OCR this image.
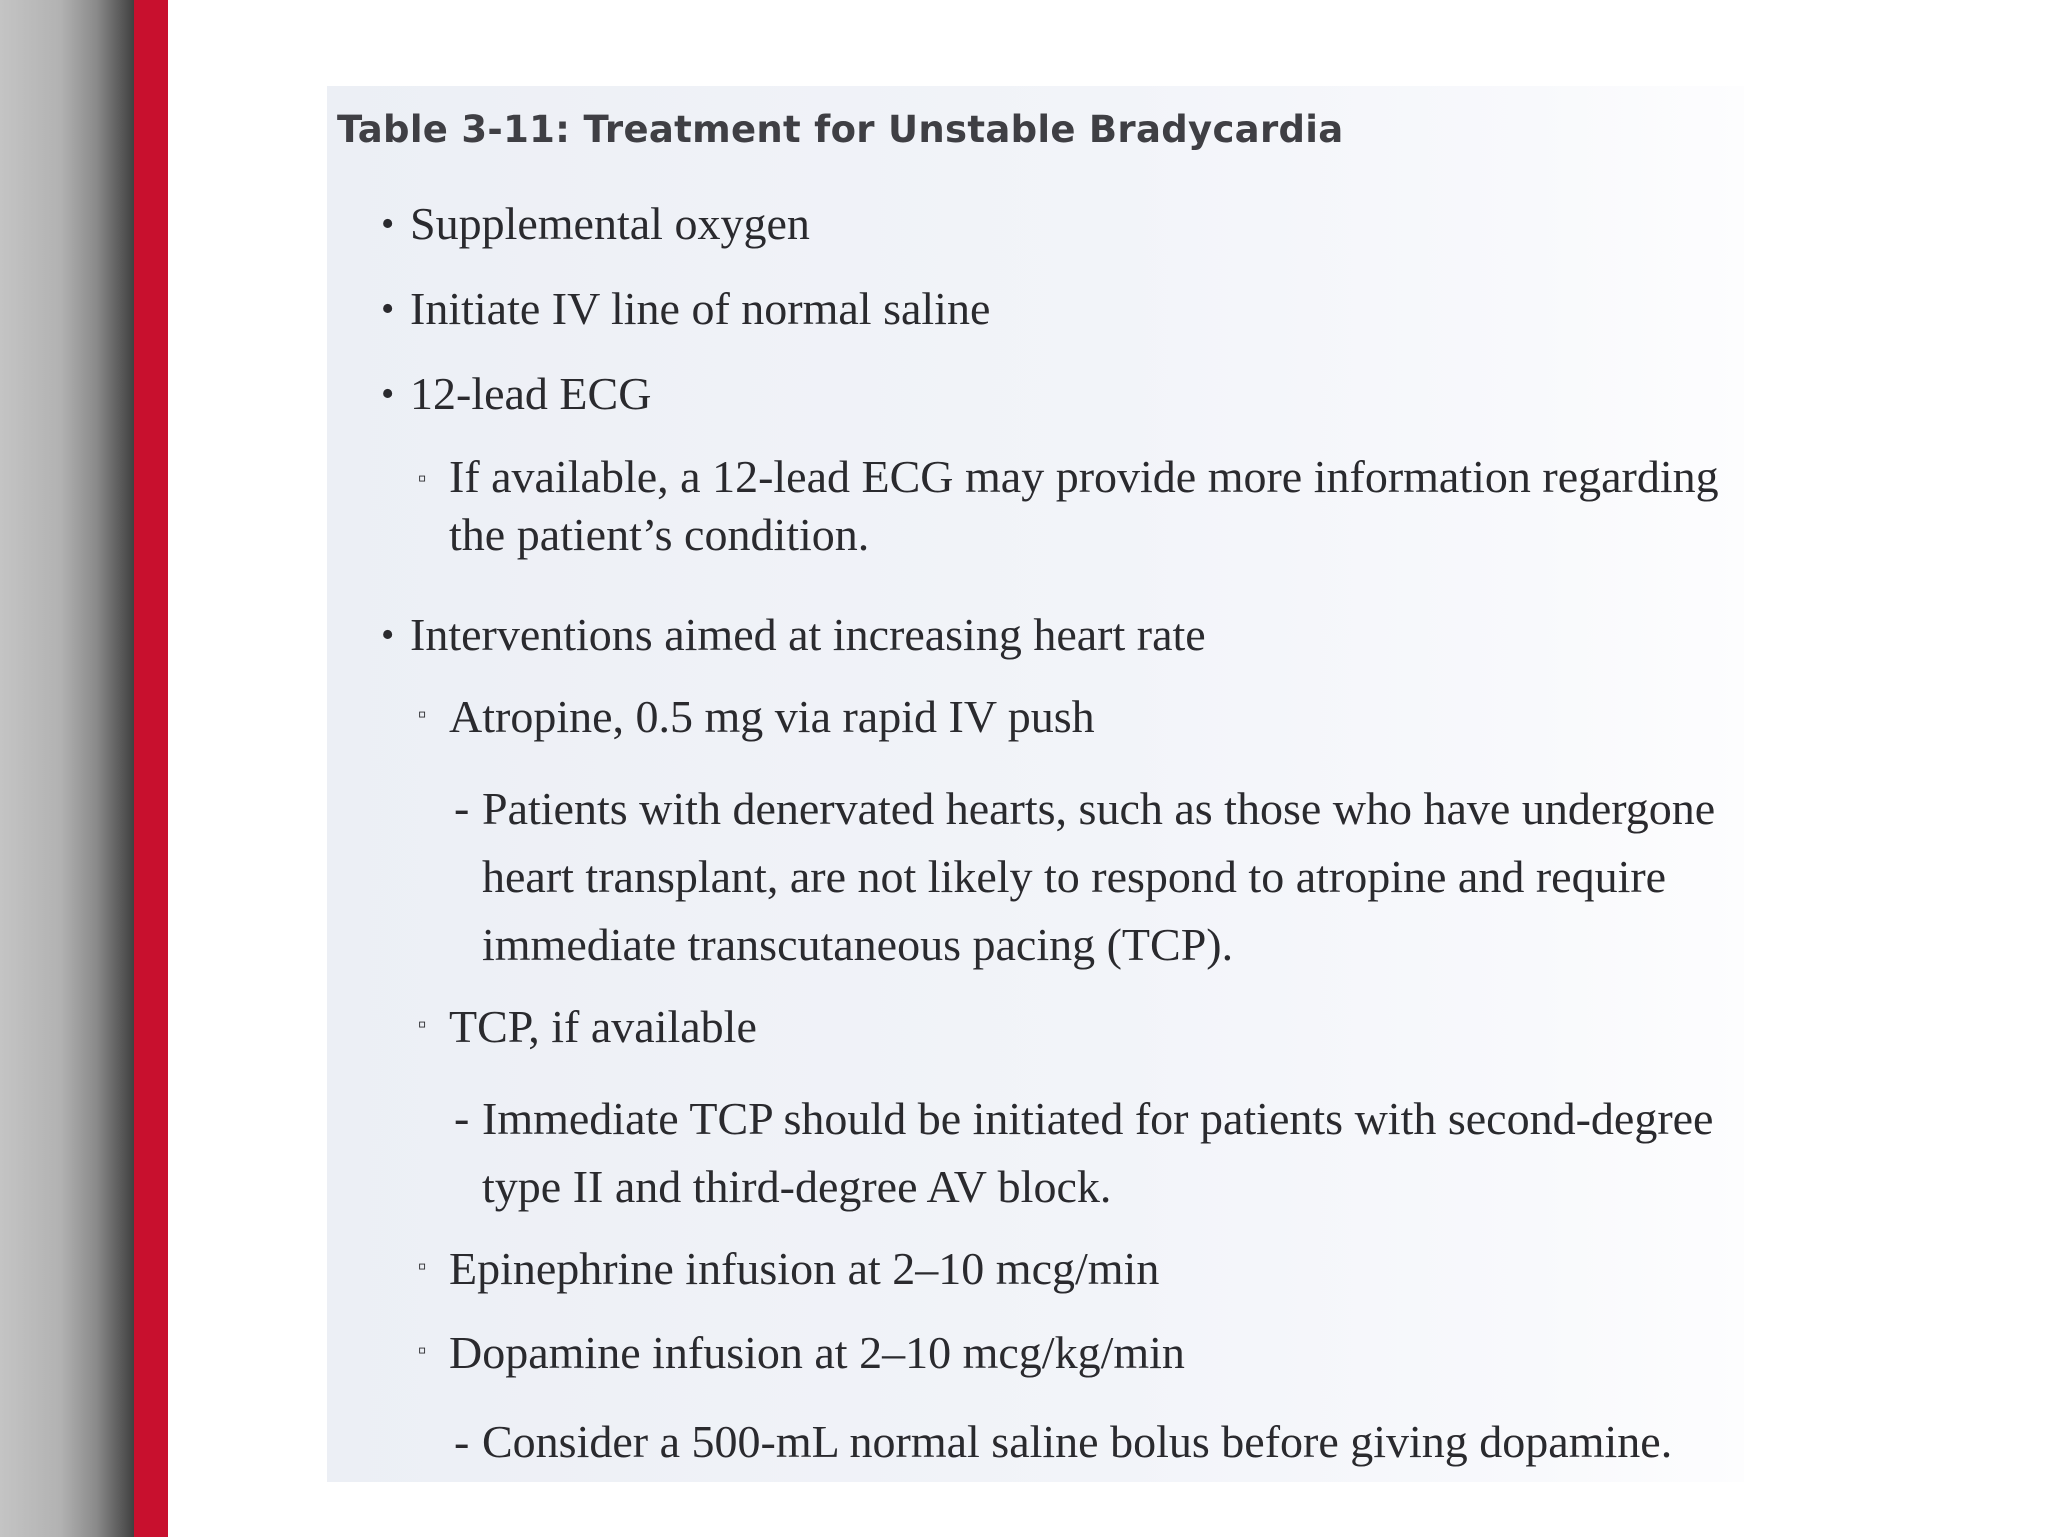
Table 3-11: Treatment for Unstable Bradycardia
• Supplemental oxygen
• Initiate IV line of normal saline
• 12-lead ECG
▫ If available, a 12-lead ECG may provide more information regarding
the patient’s condition.
• Interventions aimed at increasing heart rate
▫ Atropine, 0.5 mg via rapid IV push
- Patients with denervated hearts, such as those who have undergone
heart transplant, are not likely to respond to atropine and require
immediate transcutaneous pacing (TCP).
▫ TCP, if available
- Immediate TCP should be initiated for patients with second-degree
type II and third-degree AV block.
▫ Epinephrine infusion at 2–10 mcg/min
▫ Dopamine infusion at 2–10 mcg/kg/min
- Consider a 500-mL normal saline bolus before giving dopamine.
